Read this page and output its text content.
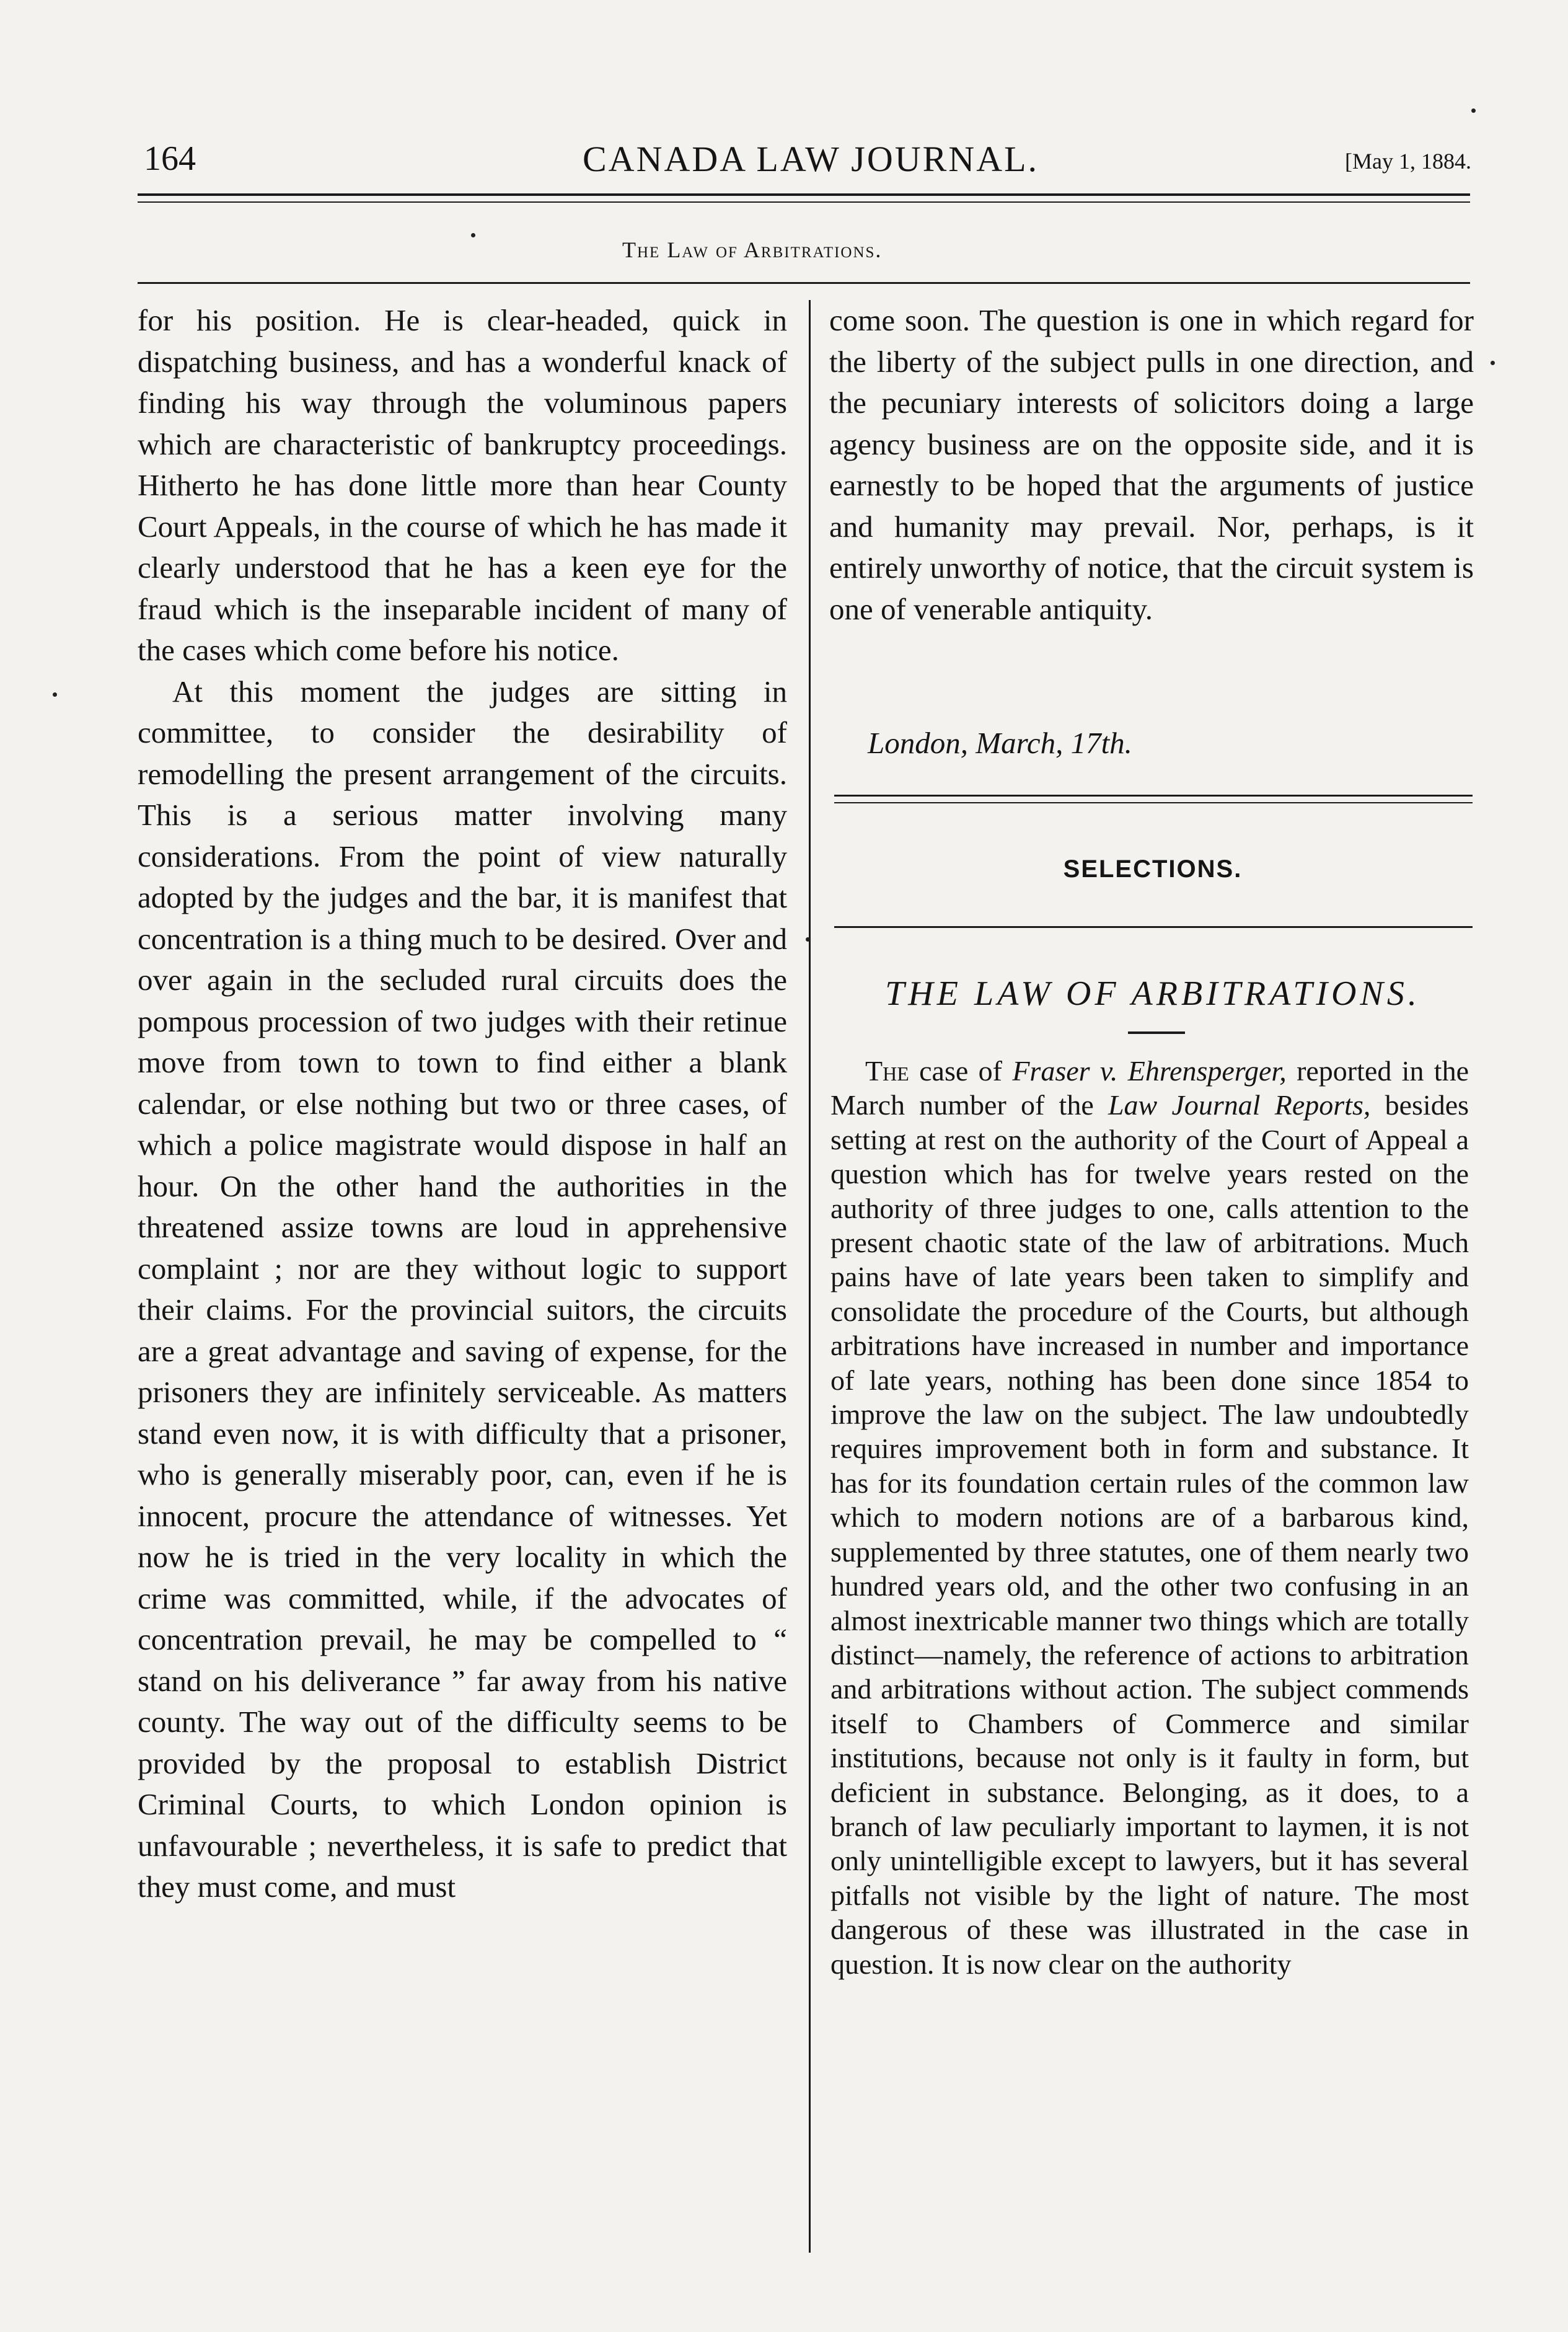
164	CANADA LAW JOURNAL.	[May 1, 1884.
The Law of Arbitrations.

for his position. He is clear-headed, quick in dispatching business, and has a wonderful knack of finding his way through the voluminous papers which are characteristic of bankruptcy proceedings. Hitherto he has done little more than hear County Court Appeals, in the course of which he has made it clearly understood that he has a keen eye for the fraud which is the inseparable incident of many of the cases which come before his notice.

At this moment the judges are sitting in committee, to consider the desirability of remodelling the present arrangement of the circuits. This is a serious matter involving many considerations. From the point of view naturally adopted by the judges and the bar, it is manifest that concentration is a thing much to be desired. Over and over again in the secluded rural circuits does the pompous procession of two judges with their retinue move from town to town to find either a blank calendar, or else nothing but two or three cases, of which a police magistrate would dispose in half an hour. On the other hand the authorities in the threatened assize towns are loud in apprehensive complaint ; nor are they without logic to support their claims. For the provincial suitors, the circuits are a great advantage and saving of expense, for the prisoners they are infinitely serviceable. As matters stand even now, it is with difficulty that a prisoner, who is generally miserably poor, can, even if he is innocent, procure the attendance of witnesses. Yet now he is tried in the very locality in which the crime was committed, while, if the advocates of concentration prevail, he may be compelled to “ stand on his deliverance ” far away from his native county. The way out of the difficulty seems to be provided by the proposal to establish District Criminal Courts, to which London opinion is unfavourable ; nevertheless, it is safe to predict that they must come, and must

come soon. The question is one in which regard for the liberty of the subject pulls in one direction, and the pecuniary interests of solicitors doing a large agency business are on the opposite side, and it is earnestly to be hoped that the arguments of justice and humanity may prevail. Nor, perhaps, is it entirely unworthy of notice, that the circuit system is one of venerable antiquity.

London, March, 17th.
SELECTIONS.
THE LAW OF ARBITRATIONS.

The case of Fraser v. Ehrensperger, reported in the March number of the Law Journal Reports, besides setting at rest on the authority of the Court of Appeal a question which has for twelve years rested on the authority of three judges to one, calls attention to the present chaotic state of the law of arbitrations. Much pains have of late years been taken to simplify and consolidate the procedure of the Courts, but although arbitrations have increased in number and importance of late years, nothing has been done since 1854 to improve the law on the subject. The law undoubtedly requires improvement both in form and substance. It has for its foundation certain rules of the common law which to modern notions are of a barbarous kind, supplemented by three statutes, one of them nearly two hundred years old, and the other two confusing in an almost inextricable manner two things which are totally distinct—namely, the reference of actions to arbitration and arbitrations without action. The subject commends itself to Chambers of Commerce and similar institutions, because not only is it faulty in form, but deficient in substance. Belonging, as it does, to a branch of law peculiarly important to laymen, it is not only unintelligible except to lawyers, but it has several pitfalls not visible by the light of nature. The most dangerous of these was illustrated in the case in question. It is now clear on the authority
